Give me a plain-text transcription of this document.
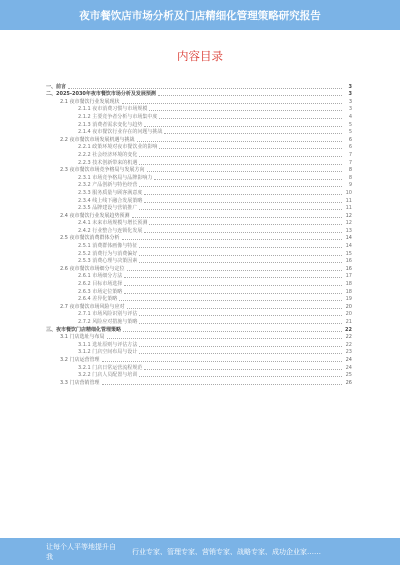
夜市餐饮店市场分析及门店精细化管理策略研究报告
内容目录
一、前言	3
二、2025-2030年夜市餐饮市场分析及发展预测	3
2.1 夜市餐饮行业发展现状	3
2.1.1 夜市消费习惯与市场规模	3
2.1.2 主要竞争者分析与市场集中度	4
2.1.3 消费者需求变化与趋势	5
2.1.4 夜市餐饮行业存在的问题与挑战	5
2.2 夜市餐饮市场发展机遇与挑战	6
2.2.1 政策环境对夜市餐饮业的影响	6
2.2.2 社会经济环境的变化	7
2.2.3 技术创新带来的机遇	7
2.3 夜市餐饮市场竞争格局与发展方向	8
2.3.1 市场竞争格局与品牌影响力	8
2.3.2 产品创新与特色经营	9
2.3.3 服务质量与顾客满意度	10
2.3.4 线上线下融合发展策略	11
2.3.5 品牌建设与营销推广	11
2.4 夜市餐饮行业发展趋势预测	12
2.4.1 未来市场规模与增长预测	12
2.4.2 行业整合与连锁化发展	13
2.5 夜市餐饮消费群体分析	14
2.5.1 消费群体画像与特征	14
2.5.2 消费行为与消费偏好	15
2.5.3 消费心理与决策因素	16
2.6 夜市餐饮市场细分与定位	16
2.6.1 市场细分方法	17
2.6.2 目标市场选择	18
2.6.3 市场定位策略	18
2.6.4 差异化策略	19
2.7 夜市餐饮市场风险与应对	20
2.7.1 市场风险识别与评估	20
2.7.2 风险应对措施与策略	21
三、夜市餐饮门店精细化管理策略	22
3.1 门店选址与布局	22
3.1.1 选址原则与评估方法	22
3.1.2 门店空间布局与设计	23
3.2 门店运营管理	24
3.2.1 门店日常运营流程规范	24
3.2.2 门店人员配置与培训	25
3.3 门店营销管理	26
让每个人平等地提升自我
行业专家、管理专家、营销专家、战略专家、成功企业家……
